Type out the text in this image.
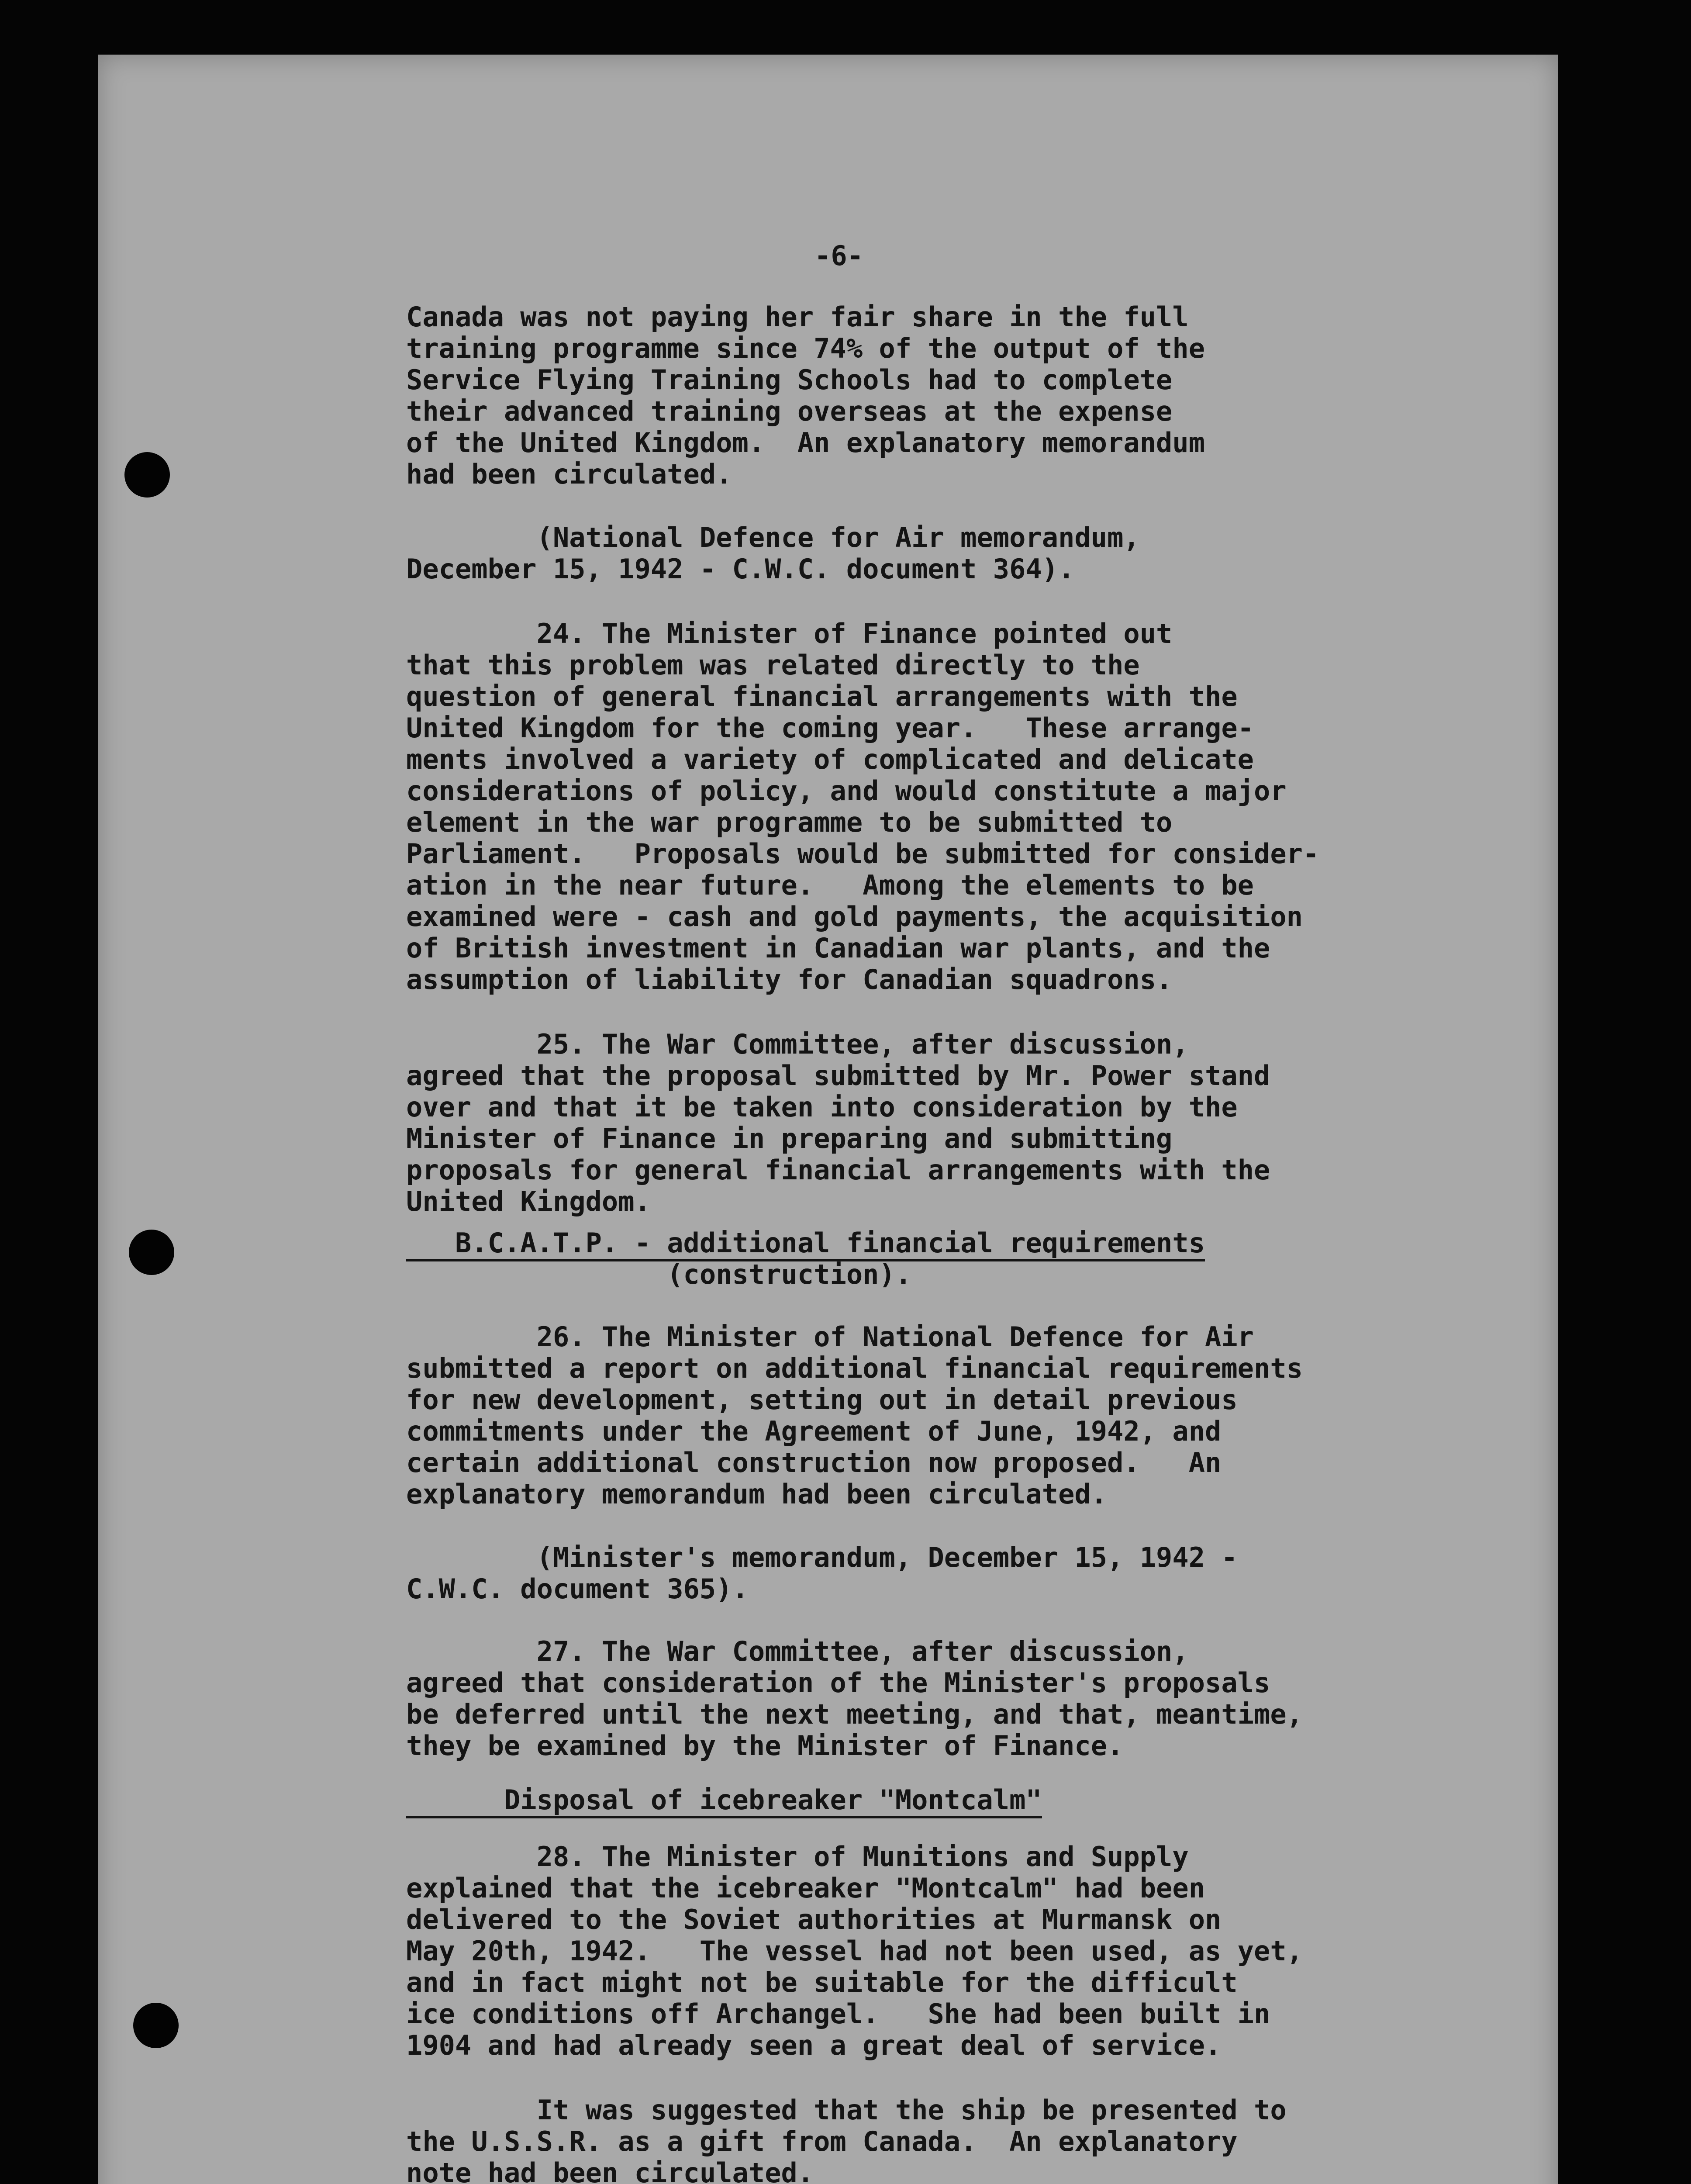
-6-

Canada was not paying her fair share in the full

training programme since 74% of the output of the

Service Flying Training Schools had to complete

their advanced training overseas at the expense

of the United Kingdom.  An explanatory memorandum

had been circulated.

(National Defence for Air memorandum,

December 15, 1942 - C.W.C. document 364).

24. The Minister of Finance pointed out

that this problem was related directly to the

question of general financial arrangements with the

United Kingdom for the coming year.   These arrange-

ments involved a variety of complicated and delicate

considerations of policy, and would constitute a major

element in the war programme to be submitted to

Parliament.   Proposals would be submitted for consider-

ation in the near future.   Among the elements to be

examined were - cash and gold payments, the acquisition

of British investment in Canadian war plants, and the

assumption of liability for Canadian squadrons.

25. The War Committee, after discussion,

agreed that the proposal submitted by Mr. Power stand

over and that it be taken into consideration by the

Minister of Finance in preparing and submitting

proposals for general financial arrangements with the

United Kingdom.

B.C.A.T.P. - additional financial requirements

(construction).

26. The Minister of National Defence for Air

submitted a report on additional financial requirements

for new development, setting out in detail previous

commitments under the Agreement of June, 1942, and

certain additional construction now proposed.   An

explanatory memorandum had been circulated.

(Minister's memorandum, December 15, 1942 -

C.W.C. document 365).

27. The War Committee, after discussion,

agreed that consideration of the Minister's proposals

be deferred until the next meeting, and that, meantime,

they be examined by the Minister of Finance.

Disposal of icebreaker "Montcalm"

28. The Minister of Munitions and Supply

explained that the icebreaker "Montcalm" had been

delivered to the Soviet authorities at Murmansk on

May 20th, 1942.   The vessel had not been used, as yet,

and in fact might not be suitable for the difficult

ice conditions off Archangel.   She had been built in

1904 and had already seen a great deal of service.

It was suggested that the ship be presented to

the U.S.S.R. as a gift from Canada.  An explanatory

note had been circulated.
